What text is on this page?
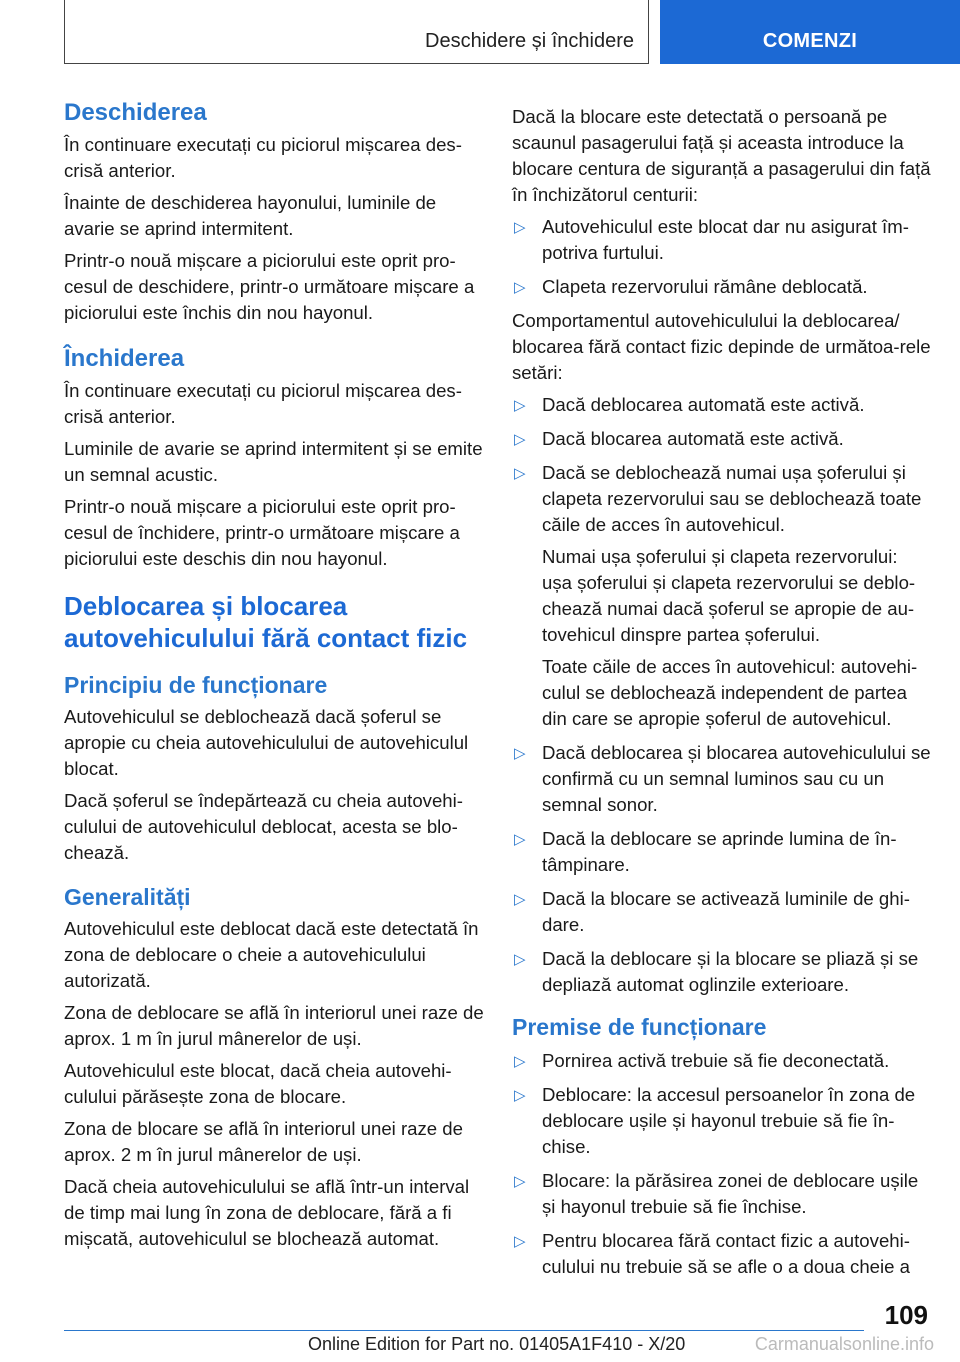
Deschidere și închidere	COMENZI
Deschiderea

În continuare executați cu piciorul mișcarea des-crisă anterior.

Înainte de deschiderea hayonului, luminile de avarie se aprind intermitent.

Printr-o nouă mișcare a piciorului este oprit pro-cesul de deschidere, printr-o următoare mișcare a piciorului este închis din nou hayonul.

Închiderea

În continuare executați cu piciorul mișcarea des-crisă anterior.

Luminile de avarie se aprind intermitent și se emite un semnal acustic.

Printr-o nouă mișcare a piciorului este oprit pro-cesul de închidere, printr-o următoare mișcare a piciorului este deschis din nou hayonul.

Deblocarea și blocarea autovehiculului fără contact fizic
Principiu de funcționare

Autovehiculul se deblochează dacă șoferul se apropie cu cheia autovehiculului de autovehiculul blocat.

Dacă șoferul se îndepărtează cu cheia autovehi-culului de autovehiculul deblocat, acesta se blo-chează.

Generalități

Autovehiculul este deblocat dacă este detectată în zona de deblocare o cheie a autovehiculului autorizată.

Zona de deblocare se află în interiorul unei raze de aprox. 1 m în jurul mânerelor de uși.

Autovehiculul este blocat, dacă cheia autovehi-culului părăsește zona de blocare.

Zona de blocare se află în interiorul unei raze de aprox. 2 m în jurul mânerelor de uși.

Dacă cheia autovehiculului se află într-un interval de timp mai lung în zona de deblocare, fără a fi mișcată, autovehiculul se blochează automat.

Dacă la blocare este detectată o persoană pe scaunul pasagerului față și aceasta introduce la blocare centura de siguranță a pasagerului din față în închizătorul centurii:

▷ Autovehiculul este blocat dar nu asigurat îm-potriva furtului.
▷ Clapeta rezervorului rămâne deblocată.

Comportamentul autovehiculului la deblocarea/ blocarea fără contact fizic depinde de următoa-rele setări:

▷ Dacă deblocarea automată este activă.
▷ Dacă blocarea automată este activă.
▷ Dacă se deblochează numai ușa șoferului și clapeta rezervorului sau se deblochează toate căile de acces în autovehicul.

Numai ușa șoferului și clapeta rezervorului: ușa șoferului și clapeta rezervorului se deblo-chează numai dacă șoferul se apropie de au-tovehicul dinspre partea șoferului.

Toate căile de acces în autovehicul: autovehi-culul se deblochează independent de partea din care se apropie șoferul de autovehicul.

▷ Dacă deblocarea și blocarea autovehiculului se confirmă cu un semnal luminos sau cu un semnal sonor.
▷ Dacă la deblocare se aprinde lumina de în-tâmpinare.
▷ Dacă la blocare se activează luminile de ghi-dare.
▷ Dacă la deblocare și la blocare se pliază și se depliază automat oglinzile exterioare.
Premise de funcționare
▷ Pornirea activă trebuie să fie deconectată.
▷ Deblocare: la accesul persoanelor în zona de deblocare ușile și hayonul trebuie să fie în-chise.
▷ Blocare: la părăsirea zonei de deblocare ușile și hayonul trebuie să fie închise.
▷ Pentru blocarea fără contact fizic a autovehi-culului nu trebuie să se afle o a doua cheie a
109
Online Edition for Part no. 01405A1F410 - X/20	Carmanualsonline.info
